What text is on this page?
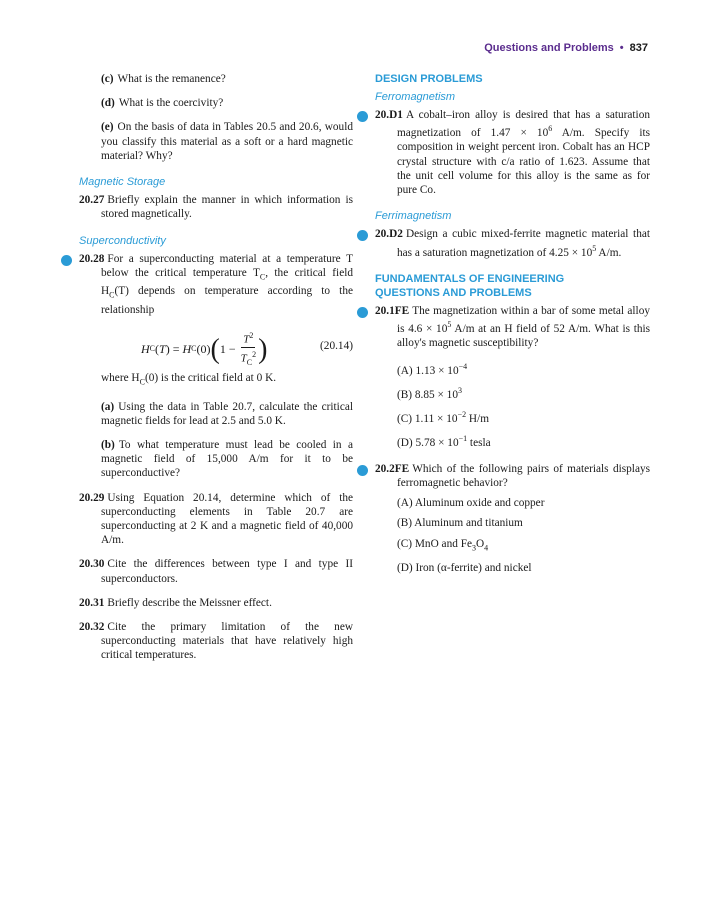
Questions and Problems • 837

(c) What is the remanence?

(d) What is the coercivity?

(e) On the basis of data in Tables 20.5 and 20.6, would you classify this material as a soft or a hard magnetic material? Why?

Magnetic Storage

20.27 Briefly explain the manner in which information is stored magnetically.

Superconductivity

+ 20.28 For a superconducting material at a temperature T below the critical temperature $T_C$, the critical field $H_C(T)$ depends on temperature according to the relationship

H C ( T ) = H C (0) ( $1 - \frac{T^2}{T_C^2}$ )	(20.14)

where $H_C(0)$ is the critical field at 0 K.

(a) Using the data in Table 20.7, calculate the critical magnetic fields for lead at 2.5 and 5.0 K.

(b) To what temperature must lead be cooled in a magnetic field of 15,000 A/m for it to be superconductive?

20.29 Using Equation 20.14, determine which of the superconducting elements in Table 20.7 are superconducting at 2 K and a magnetic field of 40,000 A/m.

20.30 Cite the differences between type I and type II superconductors.

20.31 Briefly describe the Meissner effect.

20.32 Cite the primary limitation of the new superconducting materials that have relatively high critical temperatures.

DESIGN PROBLEMS
Ferromagnetism

+ 20.D1 A cobalt–iron alloy is desired that has a saturation magnetization of $1.47 \times 10^6$ A/m. Specify its composition in weight percent iron. Cobalt has an HCP crystal structure with c/a ratio of 1.623. Assume that the unit cell volume for this alloy is the same as for pure Co.

Ferrimagnetism

+ 20.D2 Design a cubic mixed-ferrite magnetic material that has a saturation magnetization of $4.25 \times 10^5$ A/m.

FUNDAMENTALS OF ENGINEERING
QUESTIONS AND PROBLEMS

+ 20.1FE The magnetization within a bar of some metal alloy is $4.6 \times 10^5$ A/m at an H field of 52 A/m. What is this alloy's magnetic susceptibility?

(A) $1.13 \times 10^{-4}$
(B) $8.85 \times 10^3$
(C) $1.11 \times 10^{-2}$ H/m
(D) $5.78 \times 10^{-1}$ tesla

+ 20.2FE Which of the following pairs of materials displays ferromagnetic behavior?

(A) Aluminum oxide and copper
(B) Aluminum and titanium
(C) MnO and $Fe_3O_4$
(D) Iron (α-ferrite) and nickel
